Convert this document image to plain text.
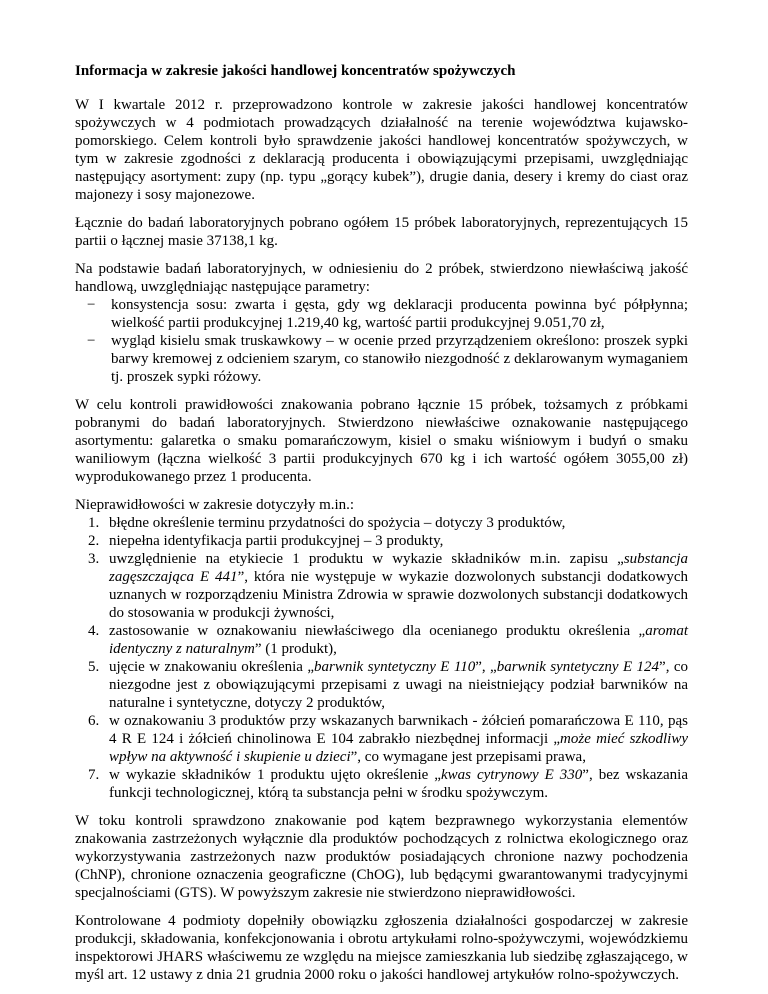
Informacja w zakresie jakości handlowej koncentratów spożywczych

W I kwartale 2012 r. przeprowadzono kontrole w zakresie jakości handlowej koncentratów spożywczych w 4 podmiotach prowadzących działalność na terenie województwa kujawsko-pomorskiego. Celem kontroli było sprawdzenie jakości handlowej koncentratów spożywczych, w tym w zakresie zgodności z deklaracją producenta i obowiązującymi przepisami, uwzględniając następujący asortyment: zupy (np. typu „gorący kubek”), drugie dania, desery i kremy do ciast oraz majonezy i sosy majonezowe.

Łącznie do badań laboratoryjnych pobrano ogółem 15 próbek laboratoryjnych, reprezentujących 15 partii o łącznej masie 37138,1 kg.

Na podstawie badań laboratoryjnych, w odniesieniu do 2 próbek, stwierdzono niewłaściwą jakość handlową, uwzględniając następujące parametry:

− konsystencja sosu: zwarta i gęsta, gdy wg deklaracji producenta powinna być półpłynna; wielkość partii produkcyjnej 1.219,40 kg, wartość partii produkcyjnej 9.051,70 zł,
− wygląd kisielu smak truskawkowy – w ocenie przed przyrządzeniem określono: proszek sypki barwy kremowej z odcieniem szarym, co stanowiło niezgodność z deklarowanym wymaganiem tj. proszek sypki różowy.

W celu kontroli prawidłowości znakowania pobrano łącznie 15 próbek, tożsamych z próbkami pobranymi do badań laboratoryjnych. Stwierdzono niewłaściwe oznakowanie następującego asortymentu: galaretka o smaku pomarańczowym, kisiel o smaku wiśniowym i budyń o smaku waniliowym (łączna wielkość 3 partii produkcyjnych 670 kg i ich wartość ogółem 3055,00 zł) wyprodukowanego przez 1 producenta.

Nieprawidłowości w zakresie dotyczyły m.in.:

1. błędne określenie terminu przydatności do spożycia – dotyczy 3 produktów,
2. niepełna identyfikacja partii produkcyjnej – 3 produkty,
3. uwzględnienie na etykiecie 1 produktu w wykazie składników m.in. zapisu „substancja zagęszczająca E 441”, która nie występuje w wykazie dozwolonych substancji dodatkowych uznanych w rozporządzeniu Ministra Zdrowia w sprawie dozwolonych substancji dodatkowych do stosowania w produkcji żywności,
4. zastosowanie w oznakowaniu niewłaściwego dla ocenianego produktu określenia „aromat identyczny z naturalnym” (1 produkt),
5. ujęcie w znakowaniu określenia „barwnik syntetyczny E 110”, „barwnik syntetyczny E 124”, co niezgodne jest z obowiązującymi przepisami z uwagi na nieistniejący podział barwników na naturalne i syntetyczne, dotyczy 2 produktów,
6. w oznakowaniu 3 produktów przy wskazanych barwnikach - żółcień pomarańczowa E 110, pąs 4 R E 124 i żółcień chinolinowa E 104 zabrakło niezbędnej informacji „może mieć szkodliwy wpływ na aktywność i skupienie u dzieci”, co wymagane jest przepisami prawa,
7. w wykazie składników 1 produktu ujęto określenie „kwas cytrynowy E 330”, bez wskazania funkcji technologicznej, którą ta substancja pełni w środku spożywczym.

W toku kontroli sprawdzono znakowanie pod kątem bezprawnego wykorzystania elementów znakowania zastrzeżonych wyłącznie dla produktów pochodzących z rolnictwa ekologicznego oraz wykorzystywania zastrzeżonych nazw produktów posiadających chronione nazwy pochodzenia (ChNP), chronione oznaczenia geograficzne (ChOG), lub będącymi gwarantowanymi tradycyjnymi specjalnościami (GTS). W powyższym zakresie nie stwierdzono nieprawidłowości.

Kontrolowane 4 podmioty dopełniły obowiązku zgłoszenia działalności gospodarczej w zakresie produkcji, składowania, konfekcjonowania i obrotu artykułami rolno-spożywczymi, wojewódzkiemu inspektorowi JHARS właściwemu ze względu na miejsce zamieszkania lub siedzibę zgłaszającego, w myśl art. 12 ustawy z dnia 21 grudnia 2000 roku o jakości handlowej artykułów rolno-spożywczych.
